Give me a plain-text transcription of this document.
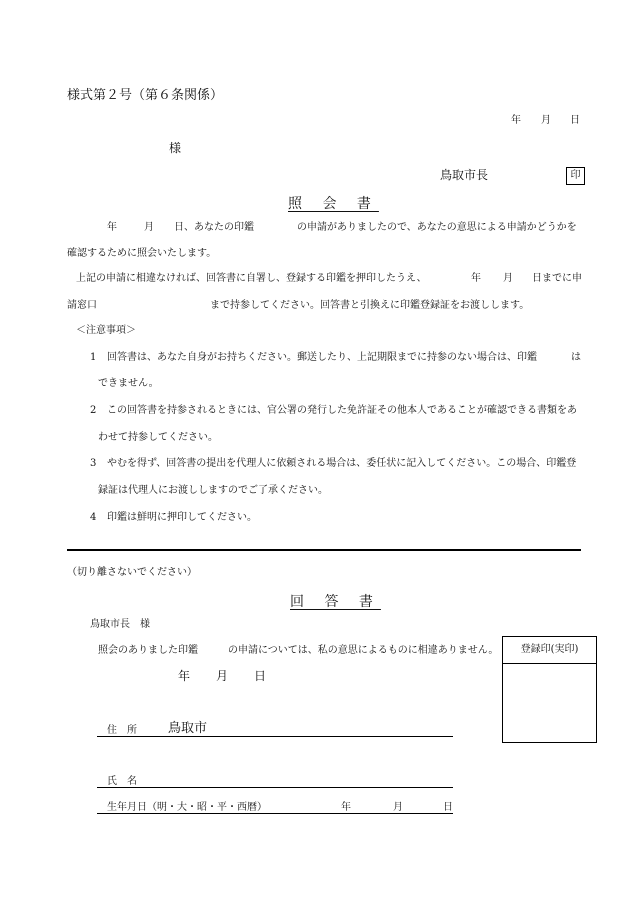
様式第２号（第６条関係）
年 月 日
様
鳥取市長	印
照 会 書
年	月 日、あなたの印鑑	の申請がありましたので、あなたの意思による申請かどうかを
確認するために照会いたします。
上記の申請に相違なければ、回答書に自署し、登録する印鑑を押印したうえ、	年 月 日までに申
請窓口	まで持参してください。回答書と引換えに印鑑登録証をお渡しします。
＜注意事項＞
1 回答書は、あなた自身がお持ちください。郵送したり、上記期限までに持参のない場合は、印鑑	は
できません。
2 この回答書を持参されるときには、官公署の発行した免許証その他本人であることが確認できる書類をあ
わせて持参してください。
3 やむを得ず、回答書の提出を代理人に依頼される場合は、委任状に記入してください。この場合、印鑑登
録証は代理人にお渡ししますのでご了承ください。
4 印鑑は鮮明に押印してください。
（切り離さないでください）
回 答 書
鳥取市長　様
照会のありました印鑑	の申請については、私の意思によるものに相違ありません。
年 月 日
登録印(実印)
住　所 鳥取市
氏　名
生年月日（明・大・昭・平・西暦）	年	月	日
